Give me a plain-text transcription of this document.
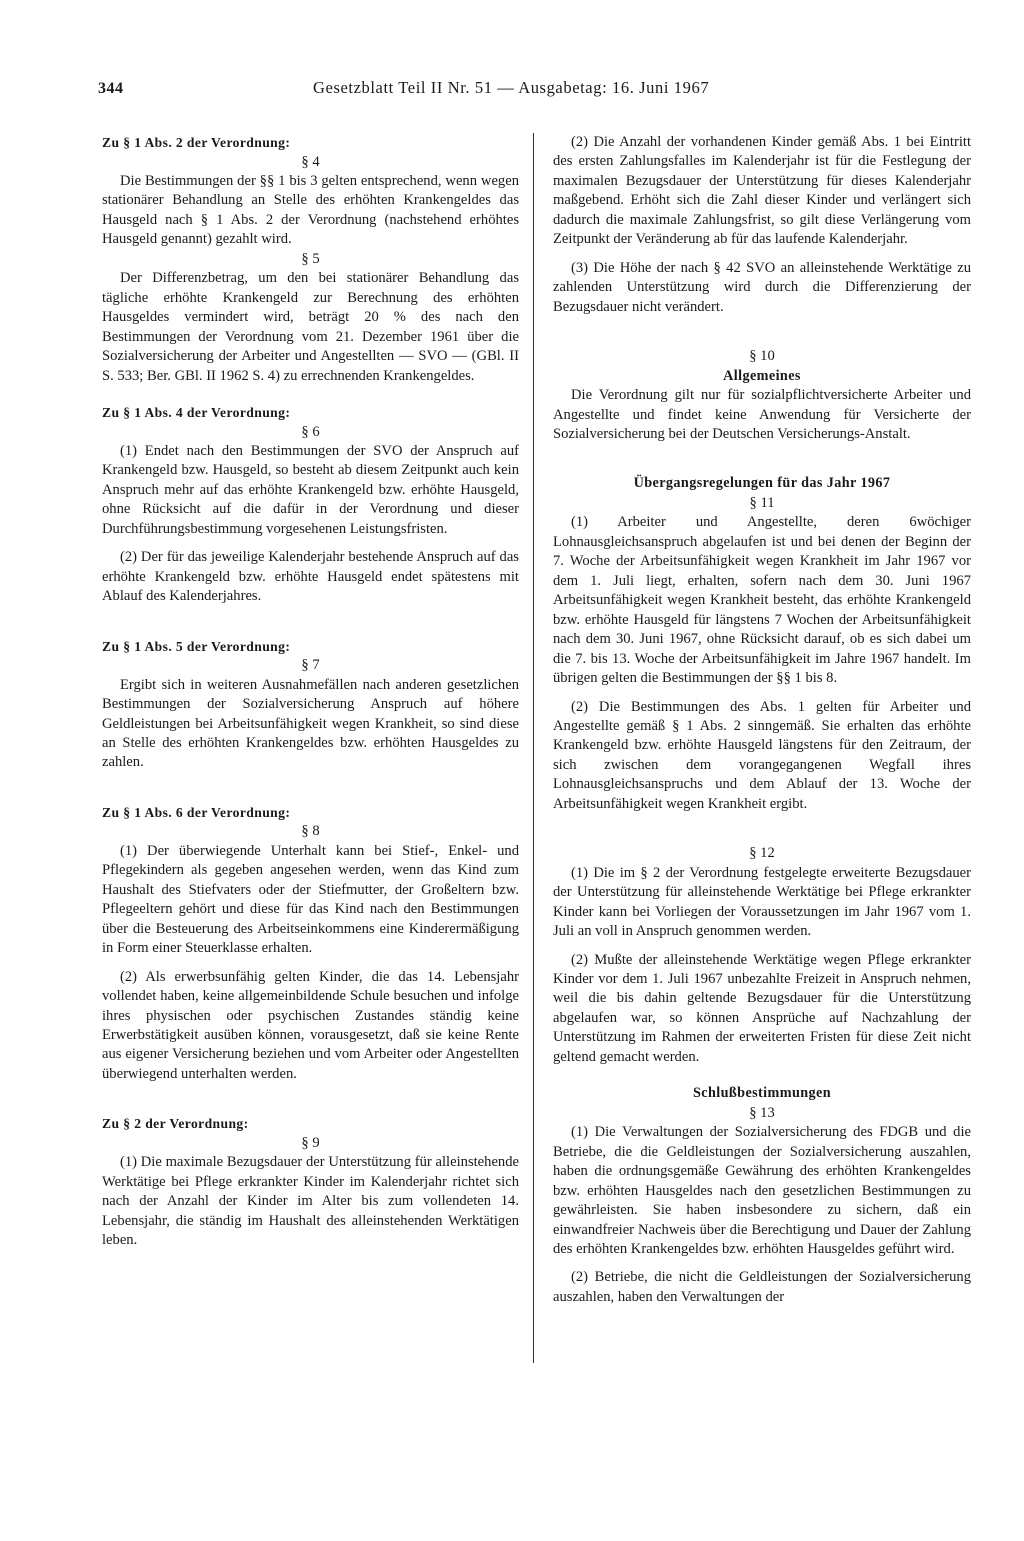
344	Gesetzblatt Teil II Nr. 51 — Ausgabetag: 16. Juni 1967
Zu § 1 Abs. 2 der Verordnung:
§ 4

Die Bestimmungen der §§ 1 bis 3 gelten entsprechend, wenn wegen stationärer Behandlung an Stelle des erhöhten Krankengeldes das Hausgeld nach § 1 Abs. 2 der Verordnung (nachstehend erhöhtes Hausgeld genannt) gezahlt wird.

§ 5

Der Differenzbetrag, um den bei stationärer Behandlung das tägliche erhöhte Krankengeld zur Berechnung des erhöhten Hausgeldes vermindert wird, beträgt 20 % des nach den Bestimmungen der Verordnung vom 21. Dezember 1961 über die Sozialversicherung der Arbeiter und Angestellten — SVO — (GBl. II S. 533; Ber. GBl. II 1962 S. 4) zu errechnenden Krankengeldes.

Zu § 1 Abs. 4 der Verordnung:
§ 6

(1) Endet nach den Bestimmungen der SVO der Anspruch auf Krankengeld bzw. Hausgeld, so besteht ab diesem Zeitpunkt auch kein Anspruch mehr auf das erhöhte Krankengeld bzw. erhöhte Hausgeld, ohne Rücksicht auf die dafür in der Verordnung und dieser Durchführungsbestimmung vorgesehenen Leistungsfristen.

(2) Der für das jeweilige Kalenderjahr bestehende Anspruch auf das erhöhte Krankengeld bzw. erhöhte Hausgeld endet spätestens mit Ablauf des Kalenderjahres.

Zu § 1 Abs. 5 der Verordnung:
§ 7

Ergibt sich in weiteren Ausnahmefällen nach anderen gesetzlichen Bestimmungen der Sozialversicherung Anspruch auf höhere Geldleistungen bei Arbeitsunfähigkeit wegen Krankheit, so sind diese an Stelle des erhöhten Krankengeldes bzw. erhöhten Hausgeldes zu zahlen.

Zu § 1 Abs. 6 der Verordnung:
§ 8

(1) Der überwiegende Unterhalt kann bei Stief-, Enkel- und Pflegekindern als gegeben angesehen werden, wenn das Kind zum Haushalt des Stiefvaters oder der Stiefmutter, der Großeltern bzw. Pflegeeltern gehört und diese für das Kind nach den Bestimmungen über die Besteuerung des Arbeitseinkommens eine Kinderermäßigung in Form einer Steuerklasse erhalten.

(2) Als erwerbsunfähig gelten Kinder, die das 14. Lebensjahr vollendet haben, keine allgemeinbildende Schule besuchen und infolge ihres physischen oder psychischen Zustandes ständig keine Erwerbstätigkeit ausüben können, vorausgesetzt, daß sie keine Rente aus eigener Versicherung beziehen und vom Arbeiter oder Angestellten überwiegend unterhalten werden.

Zu § 2 der Verordnung:
§ 9

(1) Die maximale Bezugsdauer der Unterstützung für alleinstehende Werktätige bei Pflege erkrankter Kinder im Kalenderjahr richtet sich nach der Anzahl der Kinder im Alter bis zum vollendeten 14. Lebensjahr, die ständig im Haushalt des alleinstehenden Werktätigen leben.

(2) Die Anzahl der vorhandenen Kinder gemäß Abs. 1 bei Eintritt des ersten Zahlungsfalles im Kalenderjahr ist für die Festlegung der maximalen Bezugsdauer der Unterstützung für dieses Kalenderjahr maßgebend. Erhöht sich die Zahl dieser Kinder und verlängert sich dadurch die maximale Zahlungsfrist, so gilt diese Verlängerung vom Zeitpunkt der Veränderung ab für das laufende Kalenderjahr.

(3) Die Höhe der nach § 42 SVO an alleinstehende Werktätige zu zahlenden Unterstützung wird durch die Differenzierung der Bezugsdauer nicht verändert.

§ 10
Allgemeines

Die Verordnung gilt nur für sozialpflichtversicherte Arbeiter und Angestellte und findet keine Anwendung für Versicherte der Sozialversicherung bei der Deutschen Versicherungs-Anstalt.

Übergangsregelungen für das Jahr 1967
§ 11

(1) Arbeiter und Angestellte, deren 6wöchiger Lohnausgleichsanspruch abgelaufen ist und bei denen der Beginn der 7. Woche der Arbeitsunfähigkeit wegen Krankheit im Jahr 1967 vor dem 1. Juli liegt, erhalten, sofern nach dem 30. Juni 1967 Arbeitsunfähigkeit wegen Krankheit besteht, das erhöhte Krankengeld bzw. erhöhte Hausgeld für längstens 7 Wochen der Arbeitsunfähigkeit nach dem 30. Juni 1967, ohne Rücksicht darauf, ob es sich dabei um die 7. bis 13. Woche der Arbeitsunfähigkeit im Jahre 1967 handelt. Im übrigen gelten die Bestimmungen der §§ 1 bis 8.

(2) Die Bestimmungen des Abs. 1 gelten für Arbeiter und Angestellte gemäß § 1 Abs. 2 sinngemäß. Sie erhalten das erhöhte Krankengeld bzw. erhöhte Hausgeld längstens für den Zeitraum, der sich zwischen dem vorangegangenen Wegfall ihres Lohnausgleichsanspruchs und dem Ablauf der 13. Woche der Arbeitsunfähigkeit wegen Krankheit ergibt.

§ 12

(1) Die im § 2 der Verordnung festgelegte erweiterte Bezugsdauer der Unterstützung für alleinstehende Werktätige bei Pflege erkrankter Kinder kann bei Vorliegen der Voraussetzungen im Jahr 1967 vom 1. Juli an voll in Anspruch genommen werden.

(2) Mußte der alleinstehende Werktätige wegen Pflege erkrankter Kinder vor dem 1. Juli 1967 unbezahlte Freizeit in Anspruch nehmen, weil die bis dahin geltende Bezugsdauer für die Unterstützung abgelaufen war, so können Ansprüche auf Nachzahlung der Unterstützung im Rahmen der erweiterten Fristen für diese Zeit nicht geltend gemacht werden.

Schlußbestimmungen
§ 13

(1) Die Verwaltungen der Sozialversicherung des FDGB und die Betriebe, die die Geldleistungen der Sozialversicherung auszahlen, haben die ordnungsgemäße Gewährung des erhöhten Krankengeldes bzw. erhöhten Hausgeldes nach den gesetzlichen Bestimmungen zu gewährleisten. Sie haben insbesondere zu sichern, daß ein einwandfreier Nachweis über die Berechtigung und Dauer der Zahlung des erhöhten Krankengeldes bzw. erhöhten Hausgeldes geführt wird.

(2) Betriebe, die nicht die Geldleistungen der Sozialversicherung auszahlen, haben den Verwaltungen der
